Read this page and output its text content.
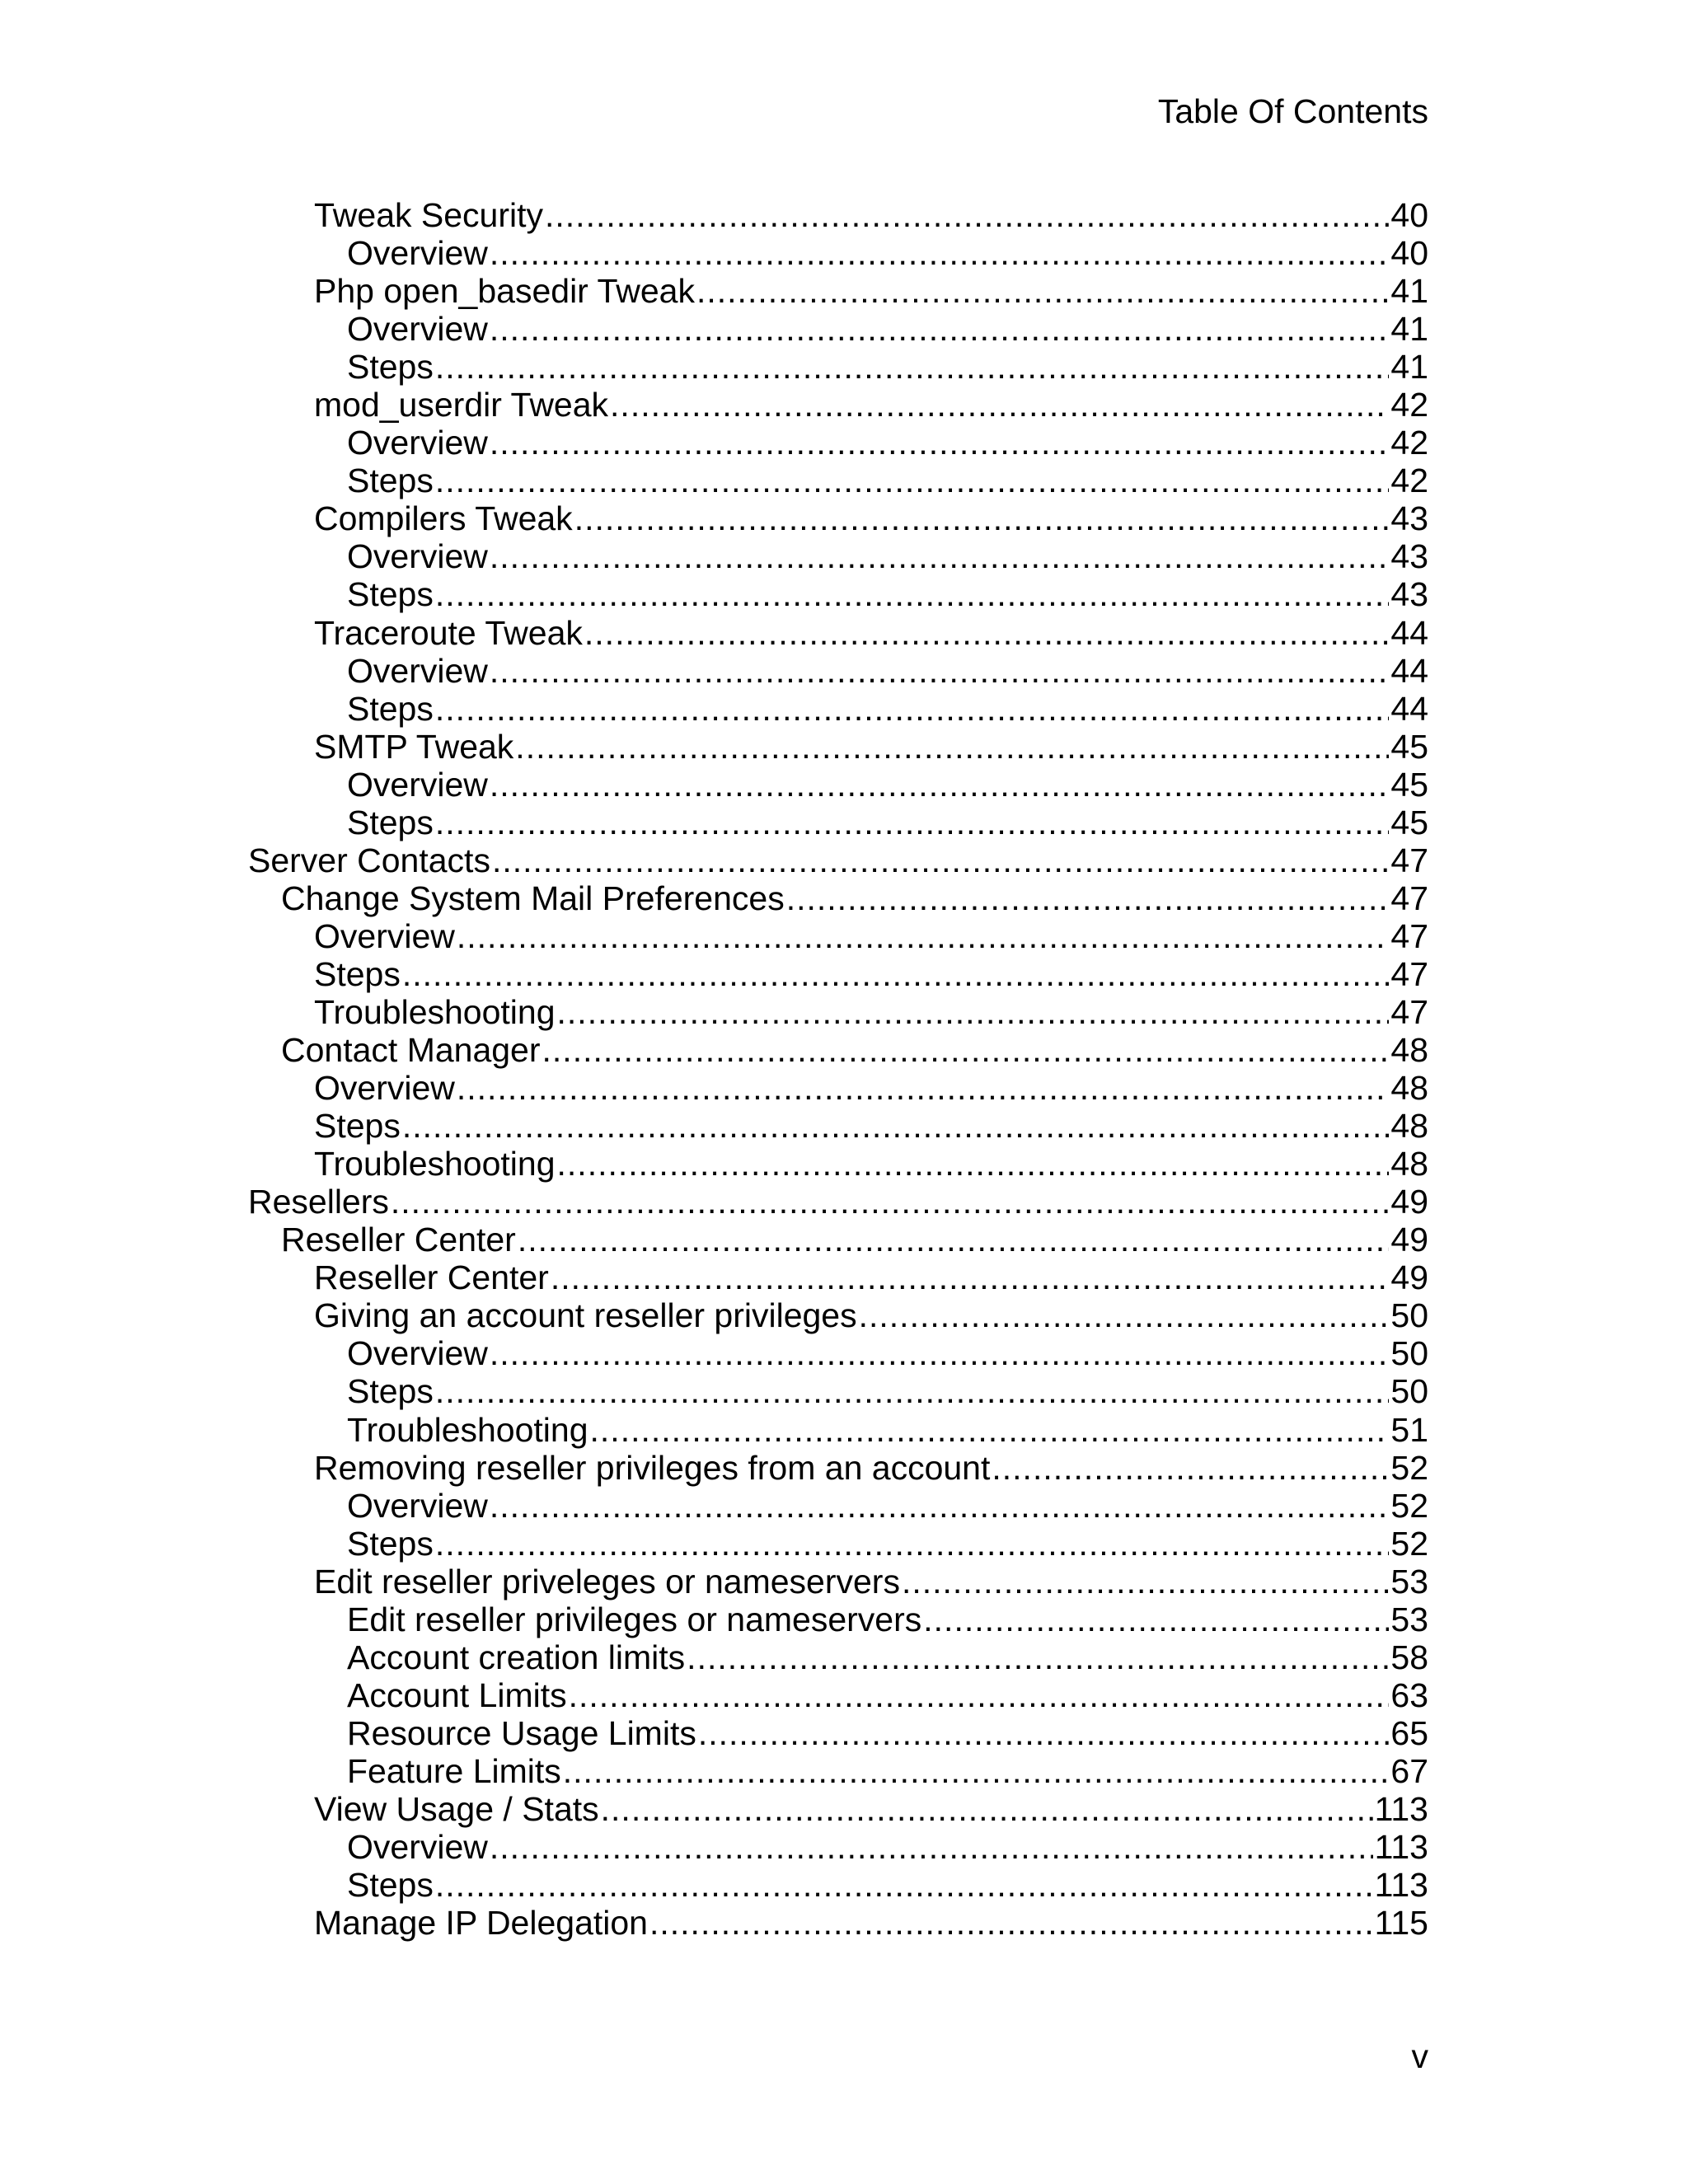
Table Of Contents
Tweak Security .....	40
Overview .....	40
Php open_basedir Tweak .....	41
Overview .....	41
Steps .....	41
mod_userdir Tweak .....	42
Overview .....	42
Steps .....	42
Compilers Tweak .....	43
Overview .....	43
Steps .....	43
Traceroute Tweak .....	44
Overview .....	44
Steps .....	44
SMTP Tweak .....	45
Overview .....	45
Steps .....	45
Server Contacts .....	47
Change System Mail Preferences .....	47
Overview .....	47
Steps .....	47
Troubleshooting .....	47
Contact Manager .....	48
Overview .....	48
Steps .....	48
Troubleshooting .....	48
Resellers .....	49
Reseller Center .....	49
Reseller Center .....	49
Giving an account reseller privileges .....	50
Overview .....	50
Steps .....	50
Troubleshooting .....	51
Removing reseller privileges from an account .....	52
Overview .....	52
Steps .....	52
Edit reseller priveleges or nameservers .....	53
Edit reseller privileges or nameservers .....	53
Account creation limits .....	58
Account Limits .....	63
Resource Usage Limits .....	65
Feature Limits .....	67
View Usage / Stats .....	113
Overview .....	113
Steps .....	113
Manage IP Delegation .....	115
v
